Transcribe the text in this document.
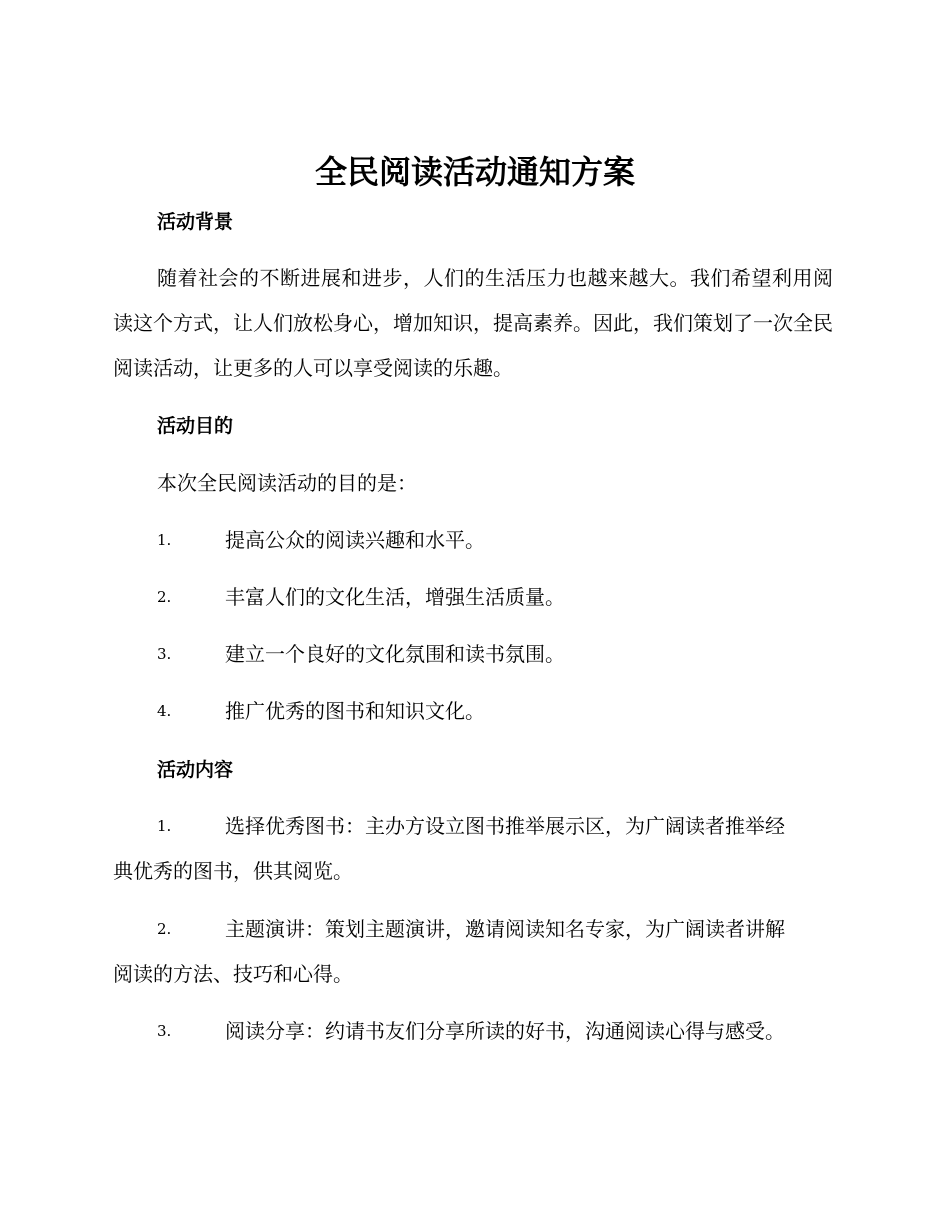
全民阅读活动通知方案
活动背景

随着社会的不断进展和进步，人们的生活压力也越来越大。我们希望利用阅读这个方式，让人们放松身心，增加知识，提高素养。因此，我们策划了一次全民阅读活动，让更多的人可以享受阅读的乐趣。

活动目的

本次全民阅读活动的目的是：

1.	提高公众的阅读兴趣和水平。
2.	丰富人们的文化生活，增强生活质量。
3.	建立一个良好的文化氛围和读书氛围。
4.	推广优秀的图书和知识文化。
活动内容
1.	选择优秀图书：主办方设立图书推举展示区，为广阔读者推举经
典优秀的图书，供其阅览。
2.	主题演讲：策划主题演讲，邀请阅读知名专家，为广阔读者讲解
阅读的方法、技巧和心得。
3.	阅读分享：约请书友们分享所读的好书，沟通阅读心得与感受。
